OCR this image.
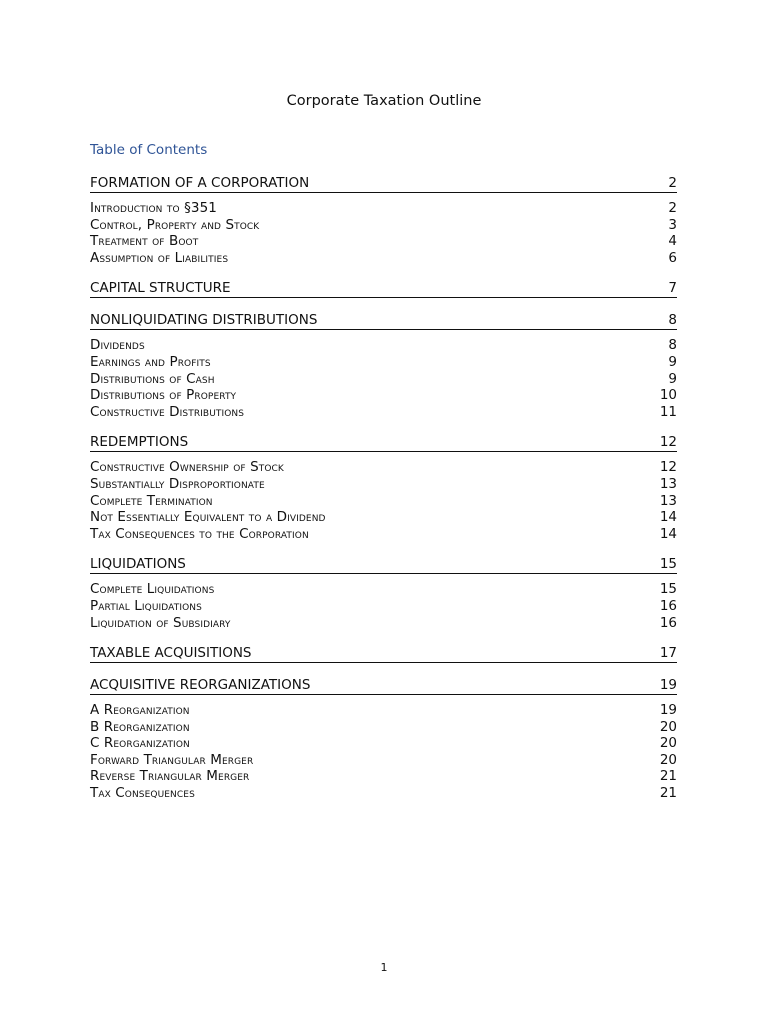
Corporate Taxation Outline
Table of Contents
FORMATION OF A CORPORATION	2
Introduction to §351	2
Control, Property and Stock	3
Treatment of Boot	4
Assumption of Liabilities	6
CAPITAL STRUCTURE	7
NONLIQUIDATING DISTRIBUTIONS	8
Dividends	8
Earnings and Profits	9
Distributions of Cash	9
Distributions of Property	10
Constructive Distributions	11
REDEMPTIONS	12
Constructive Ownership of Stock	12
Substantially Disproportionate	13
Complete Termination	13
Not Essentially Equivalent to a Dividend	14
Tax Consequences to the Corporation	14
LIQUIDATIONS	15
Complete Liquidations	15
Partial Liquidations	16
Liquidation of Subsidiary	16
TAXABLE ACQUISITIONS	17
ACQUISITIVE REORGANIZATIONS	19
A Reorganization	19
B Reorganization	20
C Reorganization	20
Forward Triangular Merger	20
Reverse Triangular Merger	21
Tax Consequences	21
1
